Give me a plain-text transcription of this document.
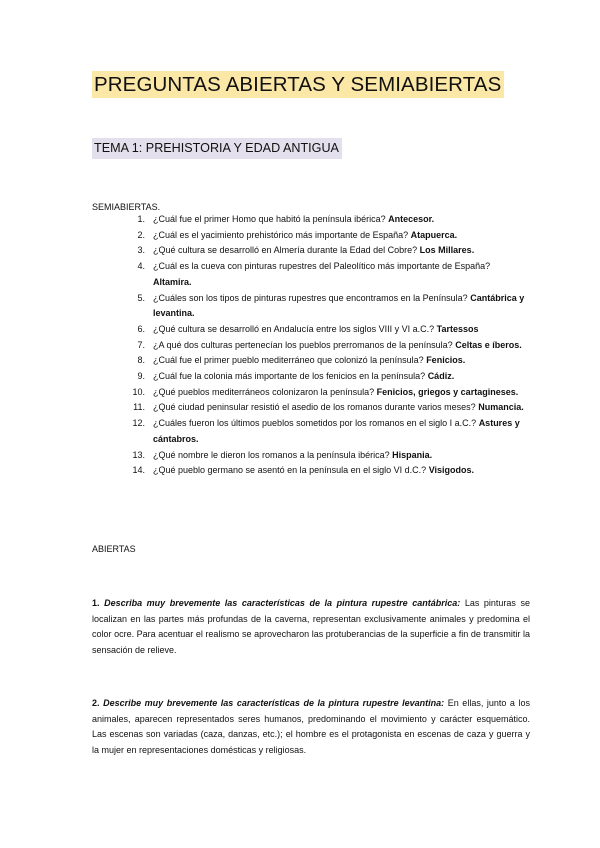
PREGUNTAS ABIERTAS Y SEMIABIERTAS
TEMA 1: PREHISTORIA Y EDAD ANTIGUA

SEMIABIERTAS.

1. ¿Cuál fue el primer Homo que habitó la península ibérica? Antecesor.
2. ¿Cuál es el yacimiento prehistórico más importante de España? Atapuerca.
3. ¿Qué cultura se desarrolló en Almería durante la Edad del Cobre? Los Millares.
4. ¿Cuál es la cueva con pinturas rupestres del Paleolítico más importante de España? Altamira.
5. ¿Cuáles son los tipos de pinturas rupestres que encontramos en la Península? Cantábrica y levantina.
6. ¿Qué cultura se desarrolló en Andalucía entre los siglos VIII y VI a.C.? Tartessos
7. ¿A qué dos culturas pertenecían los pueblos prerromanos de la península? Celtas e íberos.
8. ¿Cuál fue el primer pueblo mediterráneo que colonizó la península? Fenicios.
9. ¿Cuál fue la colonia más importante de los fenicios en la península? Cádiz.
10. ¿Qué pueblos mediterráneos colonizaron la península? Fenicios, griegos y cartagineses.
11. ¿Qué ciudad peninsular resistió el asedio de los romanos durante varios meses? Numancia.
12. ¿Cuáles fueron los últimos pueblos sometidos por los romanos en el siglo I a.C.? Astures y cántabros.
13. ¿Qué nombre le dieron los romanos a la península ibérica? Hispania.
14. ¿Qué pueblo germano se asentó en la península en el siglo VI d.C.? Visigodos.

ABIERTAS

1. Describa muy brevemente las características de la pintura rupestre cantábrica: Las pinturas se localizan en las partes más profundas de la caverna, representan exclusivamente animales y predomina el color ocre. Para acentuar el realismo se aprovecharon las protuberancias de la superficie a fin de transmitir la sensación de relieve.

2. Describe muy brevemente las características de la pintura rupestre levantina: En ellas, junto a los animales, aparecen representados seres humanos, predominando el movimiento y carácter esquemático. Las escenas son variadas (caza, danzas, etc.); el hombre es el protagonista en escenas de caza y guerra y la mujer en representaciones domésticas y religiosas.
